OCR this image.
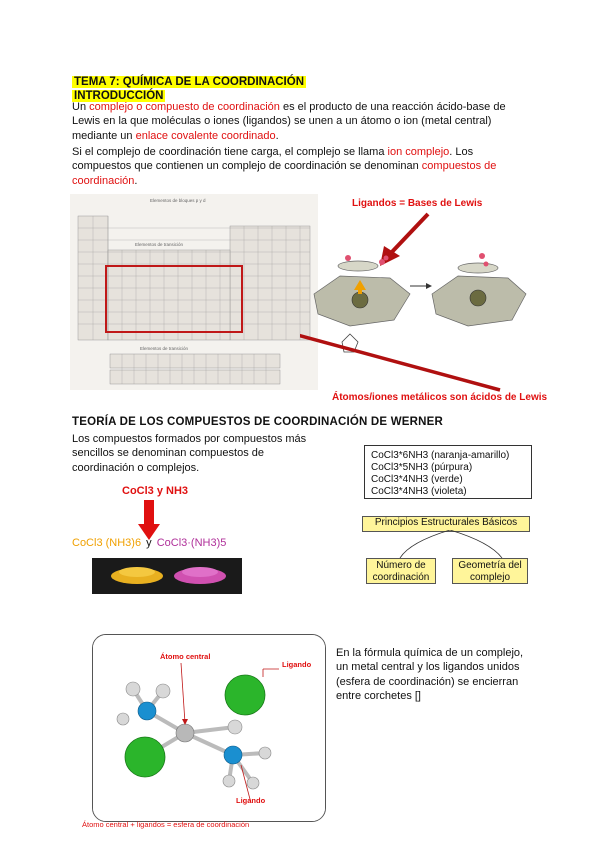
TEMA 7: QUÍMICA DE LA COORDINACIÓN
INTRODUCCIÓN
Un complejo o compuesto de coordinación es el producto de una reacción ácido-base de Lewis en la que moléculas o iones (ligandos) se unen a un átomo o ion (metal central) mediante un enlace covalente coordinado.
Si el complejo de coordinación tiene carga, el complejo se llama ion complejo. Los compuestos que contienen un complejo de coordinación se denominan compuestos de coordinación.
Elementos de bloques p y d
Elementos de transición
Elementos de transición
Ligandos = Bases de Lewis
Átomos/iones metálicos son ácidos de Lewis
TEORÍA DE LOS COMPUESTOS DE COORDINACIÓN DE WERNER
Los compuestos formados por compuestos más sencillos se denominan compuestos de coordinación o complejos.
CoCl3*6NH3 (naranja-amarillo)
CoCl3*5NH3 (púrpura)
CoCl3*4NH3 (verde)
CoCl3*4NH3 (violeta)
CoCl3 y NH3
CoCl3 (NH3)6 y CoCl3·(NH3)5
Principios Estructurales Básicos
Número de coordinación
Geometría del complejo
Átomo central
Ligando
Ligando
Átomo central + ligandos = esfera de coordinación
En la fórmula química de un complejo, un metal central y los ligandos unidos (esfera de coordinación) se encierran entre corchetes []
